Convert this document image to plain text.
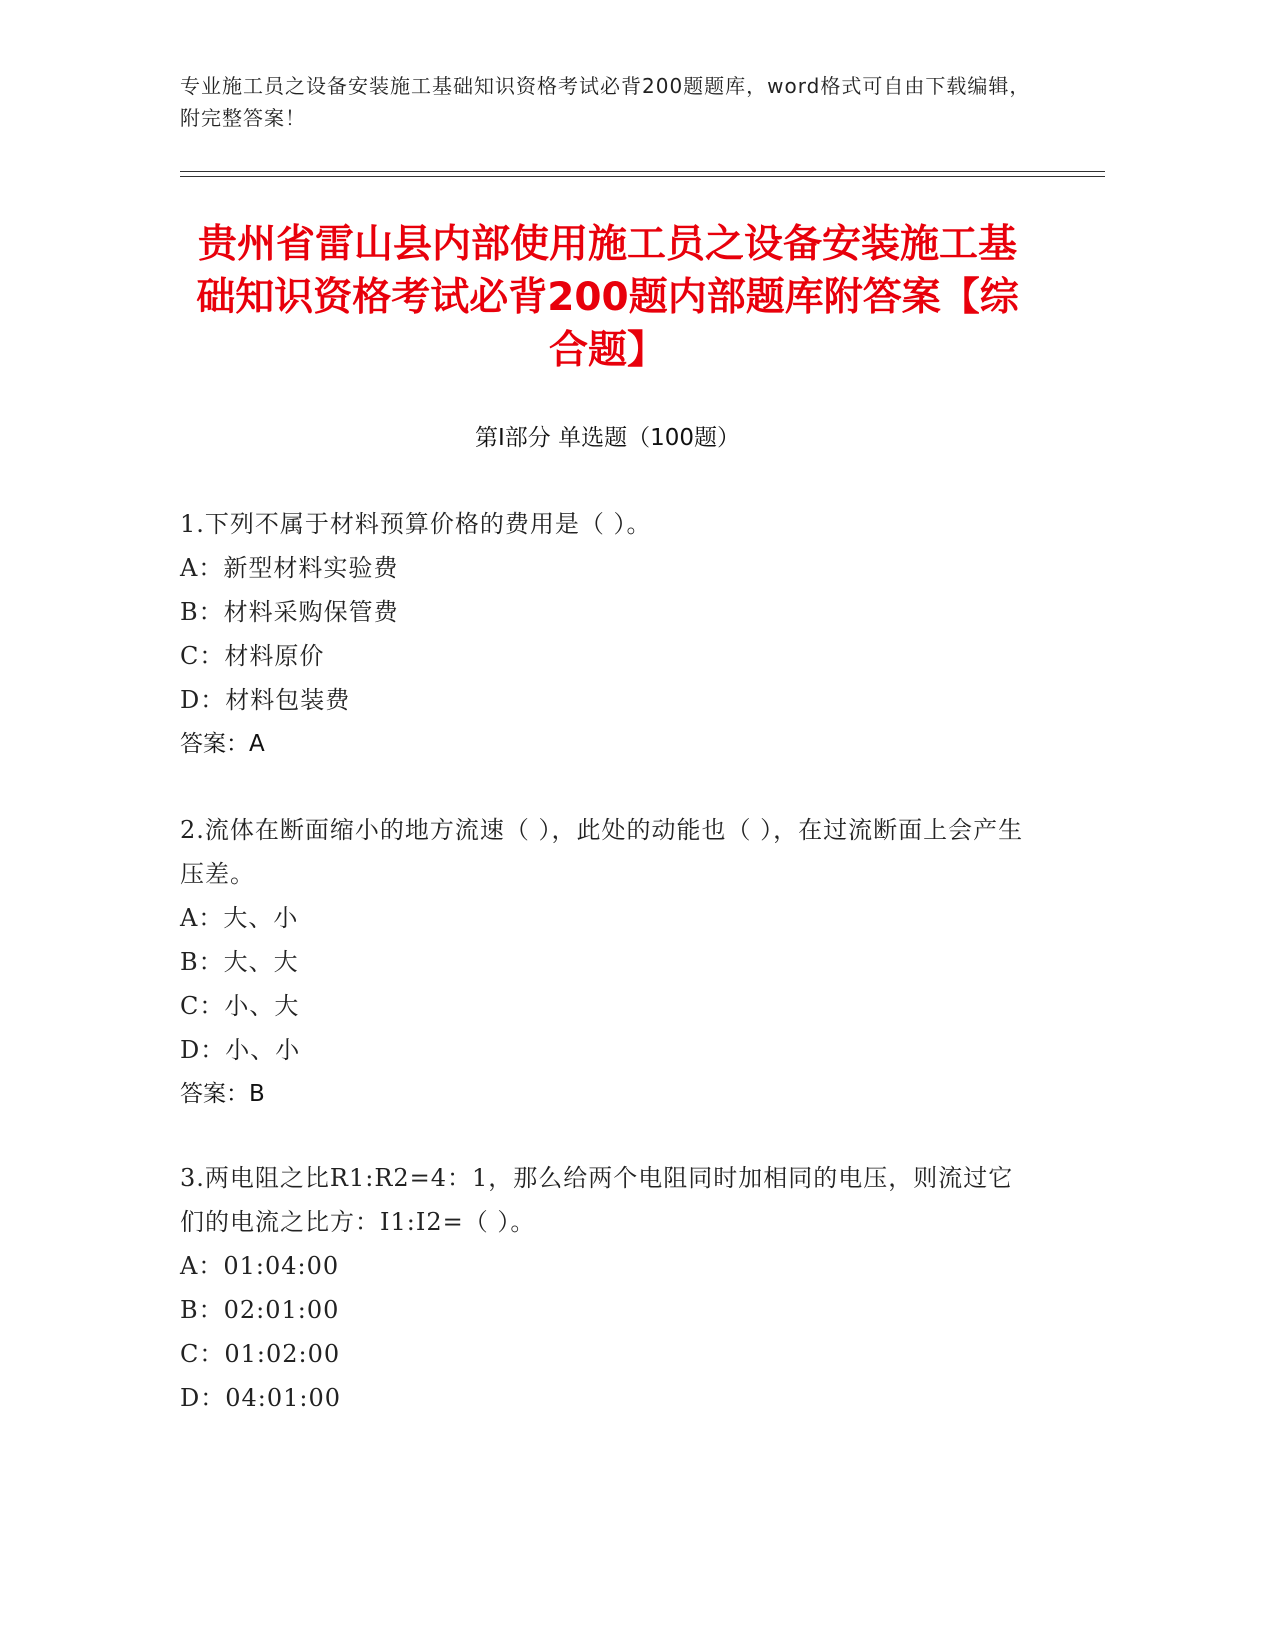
专业施工员之设备安装施工基础知识资格考试必背200题题库，word格式可自由下载编辑，附完整答案！
贵州省雷山县内部使用施工员之设备安装施工基础知识资格考试必背200题内部题库附答案【综合题】
第I部分 单选题（100题）
1.下列不属于材料预算价格的费用是（ ）。
A：新型材料实验费
B：材料采购保管费
C：材料原价
D：材料包装费
答案：A
2.流体在断面缩小的地方流速（ ），此处的动能也（ ），在过流断面上会产生压差。
A：大、小
B：大、大
C：小、大
D：小、小
答案：B
3.两电阻之比R1:R2=4：1，那么给两个电阻同时加相同的电压，则流过它们的电流之比方：I1:I2=（ ）。
A：01:04:00
B：02:01:00
C：01:02:00
D：04:01:00
